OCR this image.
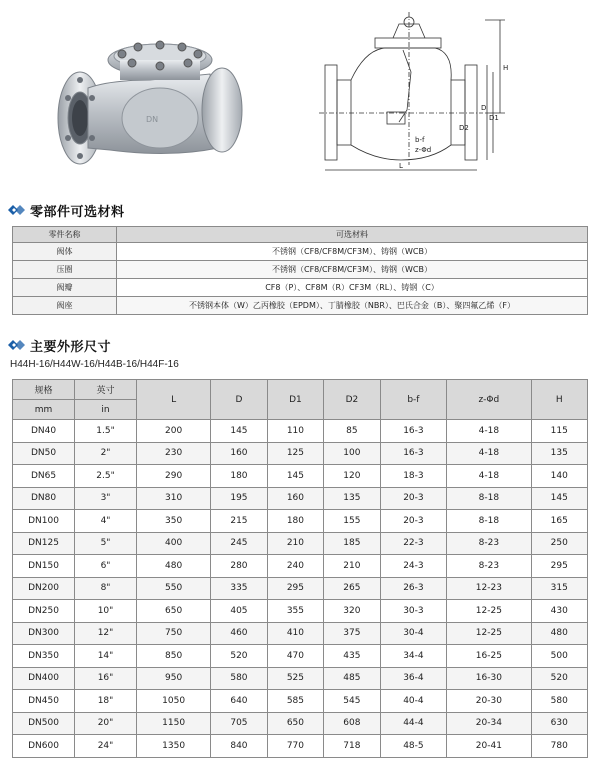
DN
H
L
D
D1
D2
b-f
z-Φd
零部件可选材料
零件名称	可选材料
阀体	不锈钢（CF8/CF8M/CF3M）、铸钢（WCB）
压圈	不锈钢（CF8/CF8M/CF3M）、铸钢（WCB）
阀瓣	CF8（P）、CF8M（R）CF3M（RL）、铸钢（C）
阀座	不锈钢本体（W）乙丙橡胶（EPDM）、丁腈橡胶（NBR）、巴氏合金（B）、聚四氟乙烯（F）
主要外形尺寸
H44H-16/H44W-16/H44B-16/H44F-16
规格	英寸	L	D	D1	D2	b-f	z-Φd	H
mm	in							
DN40	1.5"	200	145	110	85	16-3	4-18	115
DN50	2"	230	160	125	100	16-3	4-18	135
DN65	2.5"	290	180	145	120	18-3	4-18	140
DN80	3"	310	195	160	135	20-3	8-18	145
DN100	4"	350	215	180	155	20-3	8-18	165
DN125	5"	400	245	210	185	22-3	8-23	250
DN150	6"	480	280	240	210	24-3	8-23	295
DN200	8"	550	335	295	265	26-3	12-23	315
DN250	10"	650	405	355	320	30-3	12-25	430
DN300	12"	750	460	410	375	30-4	12-25	480
DN350	14"	850	520	470	435	34-4	16-25	500
DN400	16"	950	580	525	485	36-4	16-30	520
DN450	18"	1050	640	585	545	40-4	20-30	580
DN500	20"	1150	705	650	608	44-4	20-34	630
DN600	24"	1350	840	770	718	48-5	20-41	780
